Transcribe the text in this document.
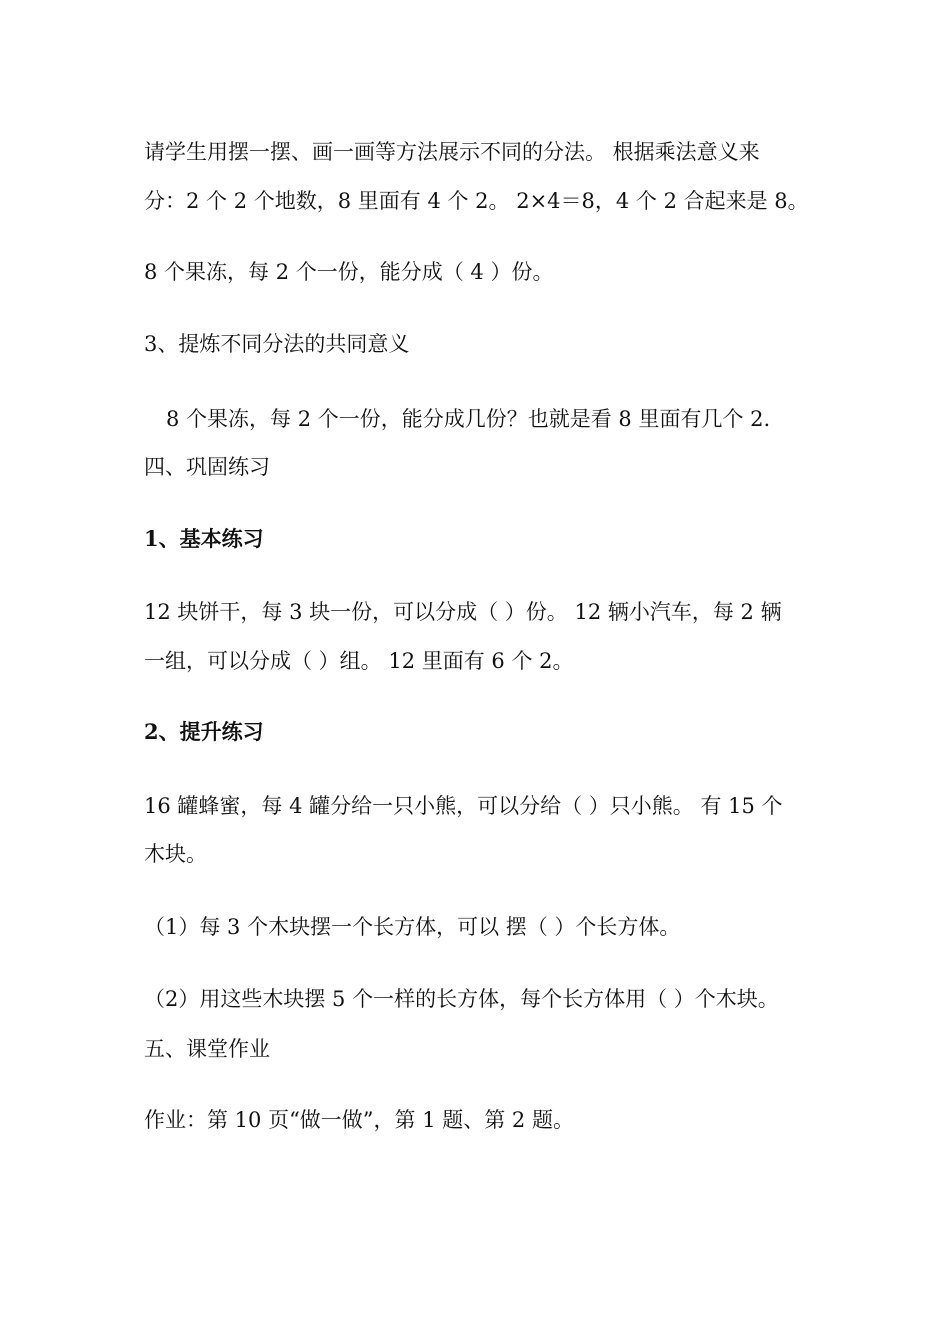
请学生用摆一摆、画一画等方法展示不同的分法。 根据乘法意义来

分：2 个 2 个地数，8 里面有 4 个 2。 2×4＝8，4 个 2 合起来是 8。

8 个果冻，每 2 个一份，能分成（ 4 ）份。

3、提炼不同分法的共同意义

8 个果冻，每 2 个一份，能分成几份？也就是看 8 里面有几个 2.

四、巩固练习

1、基本练习

12 块饼干，每 3 块一份，可以分成（ ）份。 12 辆小汽车，每 2 辆

一组，可以分成（ ）组。 12 里面有 6 个 2。

2、提升练习

16 罐蜂蜜，每 4 罐分给一只小熊，可以分给（ ）只小熊。 有 15 个

木块。

（1）每 3 个木块摆一个长方体，可以 摆（ ）个长方体。

（2）用这些木块摆 5 个一样的长方体，每个长方体用（ ）个木块。

五、课堂作业

作业：第 10 页“做一做”，第 1 题、第 2 题。
